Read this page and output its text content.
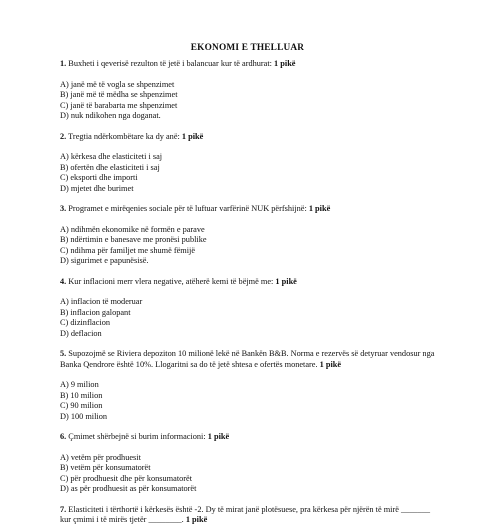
EKONOMI E THELLUAR

1. Buxheti i qeverisë rezulton të jetë i balancuar kur të ardhurat: 1 pikë

A) janë më të vogla se shpenzimet

B) janë më të mëdha se shpenzimet

C) janë të barabarta me shpenzimet

D) nuk ndikohen nga doganat.

2. Tregtia ndërkombëtare ka dy anë: 1 pikë

A) kërkesa dhe elasticiteti i saj

B) ofertën dhe elasticiteti i saj

C) eksporti dhe importi

D) mjetet dhe burimet

3. Programet e mirëqenies sociale për të luftuar varfërinë NUK përfshijnë: 1 pikë

A) ndihmën ekonomike në formën e parave

B) ndërtimin e banesave me pronësi publike

C) ndihma për familjet me shumë fëmijë

D) sigurimet e papunësisë.

4. Kur inflacioni merr vlera negative, atëherë kemi të bëjmë me: 1 pikë

A) inflacion të moderuar

B) inflacion galopant

C) dizinflacion

D) deflacion

5. Supozojmë se Riviera depoziton 10 milionë lekë në Bankën B&B. Norma e rezervës së detyruar vendosur nga Banka Qendrore është 10%. Llogaritni sa do të jetë shtesa e ofertës monetare. 1 pikë

A) 9 milion

B) 10 milion

C) 90 milion

D) 100 milion

6. Çmimet shërbejnë si burim informacioni: 1 pikë

A) vetëm për prodhuesit

B) vetëm për konsumatorët

C) për prodhuesit dhe për konsumatorët

D) as për prodhuesit as për konsumatorët

7. Elasticiteti i tërthortë i kërkesës është -2. Dy të mirat janë plotësuese, pra kërkesa për njërën të mirë _______ kur çmimi i të mirës tjetër ________. 1 pikë
